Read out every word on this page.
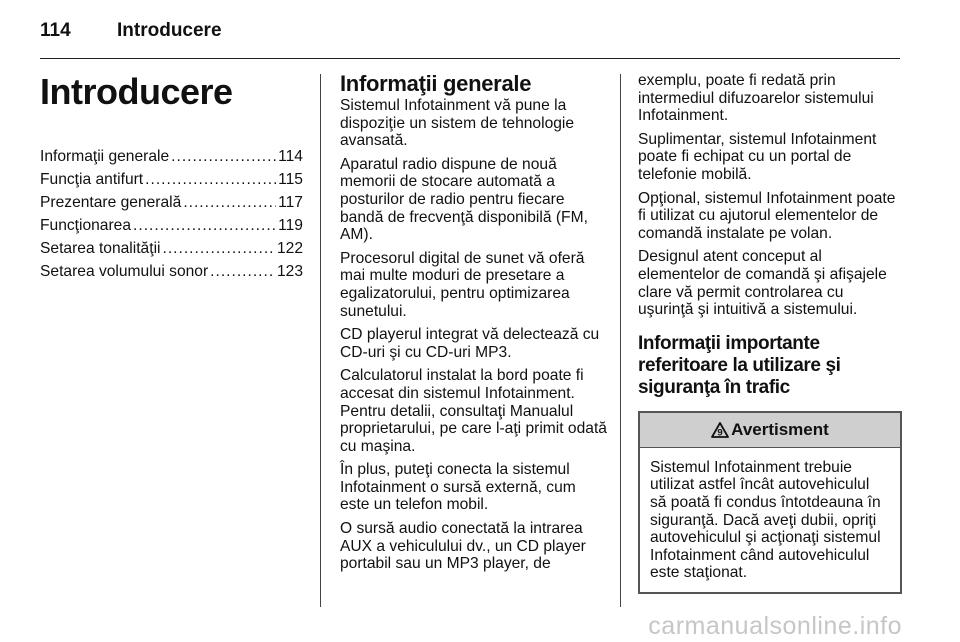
114 Introducere
Introducere
Informaţii generale .....	114
Funcţia antifurt .....	115
Prezentare generală .....	117
Funcţionarea .....	119
Setarea tonalităţii .....	122
Setarea volumului sonor .....	123
Informaţii generale

Sistemul Infotainment vă pune la dispoziţie un sistem de tehnologie avansată.

Aparatul radio dispune de nouă memorii de stocare automată a posturilor de radio pentru fiecare bandă de frecvenţă disponibilă (FM, AM).

Procesorul digital de sunet vă oferă mai multe moduri de presetare a egalizatorului, pentru optimizarea sunetului.

CD playerul integrat vă delectează cu CD-uri şi cu CD-uri MP3.

Calculatorul instalat la bord poate fi accesat din sistemul Infotainment. Pentru detalii, consultaţi Manualul proprietarului, pe care l-aţi primit odată cu maşina.

În plus, puteţi conecta la sistemul Infotainment o sursă externă, cum este un telefon mobil.

O sursă audio conectată la intrarea AUX a vehiculului dv., un CD player portabil sau un MP3 player, de

exemplu, poate fi redată prin intermediul difuzoarelor sistemului Infotainment.

Suplimentar, sistemul Infotainment poate fi echipat cu un portal de telefonie mobilă.

Opţional, sistemul Infotainment poate fi utilizat cu ajutorul elementelor de comandă instalate pe volan.

Designul atent conceput al elementelor de comandă şi afişajele clare vă permit controlarea cu uşurinţă şi intuitivă a sistemului.

Informaţii importante referitoare la utilizare şi siguranţa în trafic
9 Avertisment
Sistemul Infotainment trebuie utilizat astfel încât autovehiculul să poată fi condus întotdeauna în siguranţă. Dacă aveţi dubii, opriţi autovehiculul şi acţionaţi sistemul Infotainment când autovehiculul este staţionat.
carmanualsonline.info
